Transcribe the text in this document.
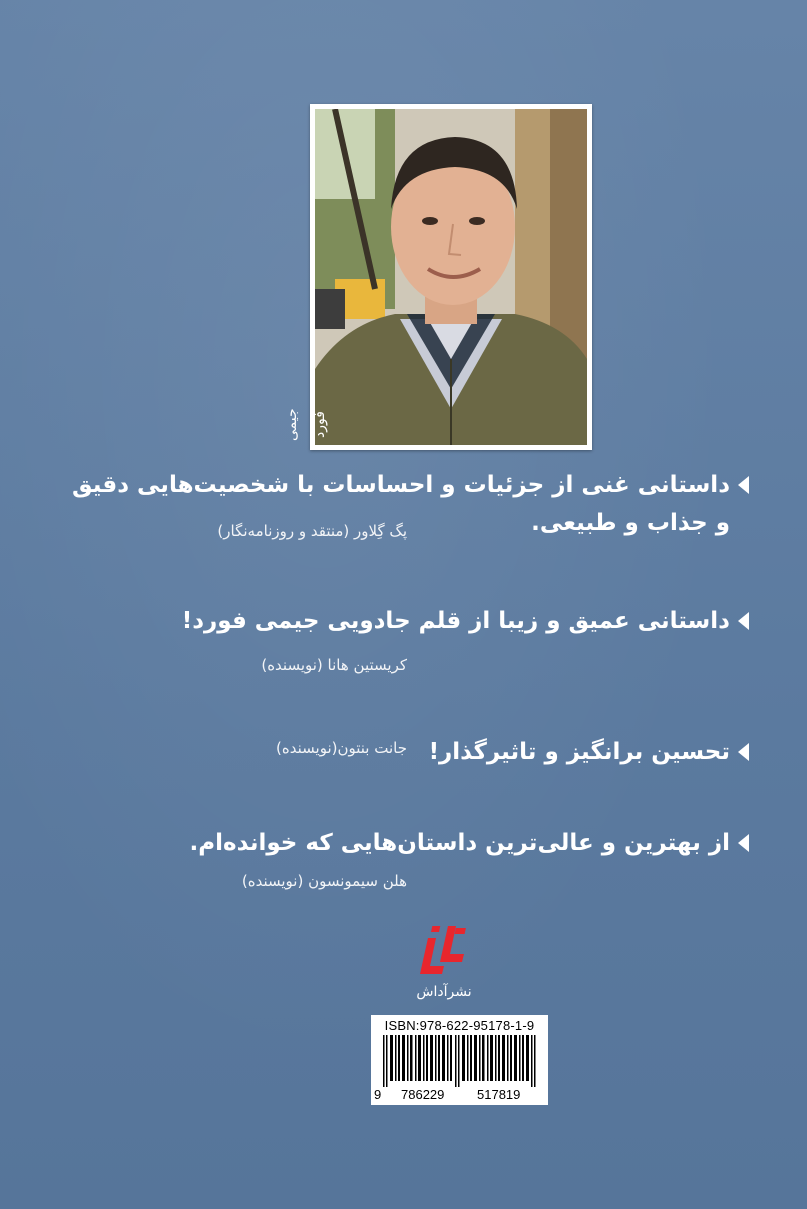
جیمی فورد
داستانی غنی از جزئیات و احساسات با شخصیت‌هایی دقیق
و جذاب و طبیعی.
پگ گِلاور (منتقد و روزنامه‌نگار)
داستانی عمیق و زیبا از قلم جادویی جیمی فورد!
کریستین هانا (نویسنده)
تحسین برانگیز و تاثیرگذار!
جانت بنتون(نویسنده)
از بهترین و عالی‌ترین داستان‌هایی که خوانده‌ام.
هلن سیمونسون (نویسنده)
نشرآداش
ISBN:978-622-95178-1-9
9 786229	517819
